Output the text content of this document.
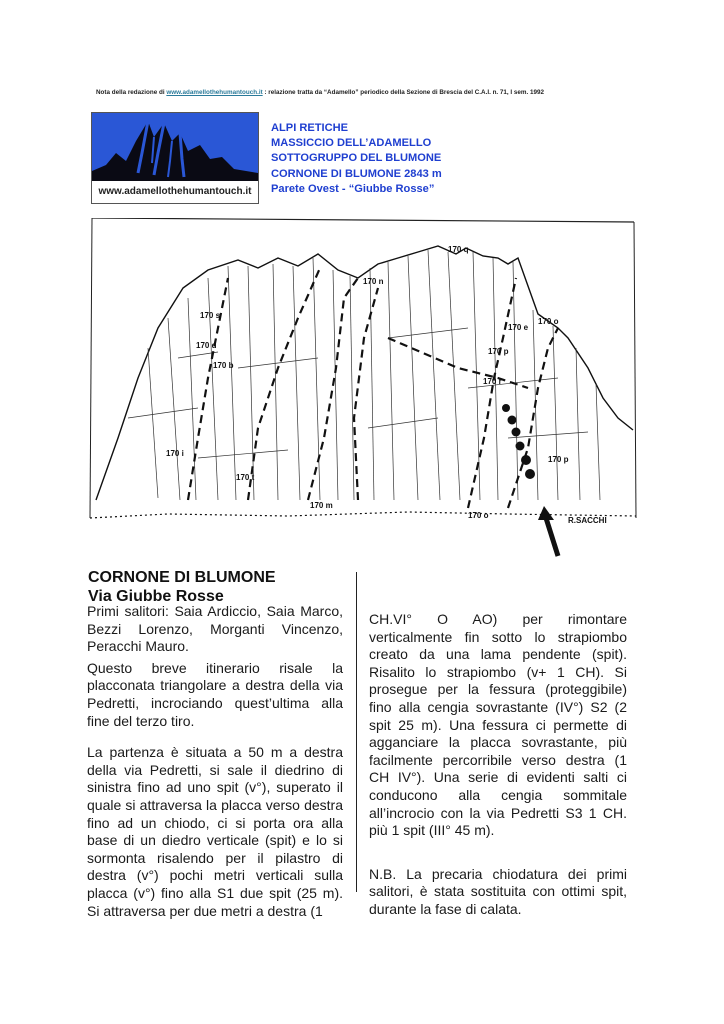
Nota della redazione di www.adamellothehumantouch.it : relazione tratta da “Adamello” periodico della Sezione di Brescia del C.A.I. n. 71, I sem. 1992
www.adamellothehumantouch.it
ALPI RETICHE
MASSICCIO DELL’ADAMELLO
SOTTOGRUPPO DEL BLUMONE
CORNONE DI BLUMONE 2843 m
Parete Ovest - “Giubbe Rosse”
170 q
170 n
170 s
170 e
170 o
170 p
170 r
170 d
170 b
170 i
170 m
170 o
170 t
170 p
R.SACCHI
CORNONE DI BLUMONE
Via Giubbe Rosse

Primi salitori: Saia Ardiccio, Saia Marco, Bezzi Lorenzo, Morganti Vincenzo, Peracchi Mauro.

Questo breve itinerario risale la placconata triangolare a destra della via Pedretti, incrociando quest’ultima alla fine del terzo tiro.

La partenza è situata a 50 m a destra della via Pedretti, si sale il diedrino di sinistra fino ad uno spit (v°), superato il quale si attraversa la placca verso destra fino ad un chiodo, ci si porta ora alla base di un diedro verticale (spit) e lo si sormonta risalendo per il pilastro di destra (v°) pochi metri verticali sulla placca (v°) fino alla S1 due spit (25 m). Si attraversa per due metri a destra (1

CH.VI° O AO) per rimontare verticalmente fin sotto lo strapiombo creato da una lama pendente (spit). Risalito lo strapiombo (v+ 1 CH). Si prosegue per la fessura (proteggibile) fino alla cengia sovrastante (IV°) S2 (2 spit 25 m). Una fessura ci permette di agganciare la placca sovrastante, più facilmente percorribile verso destra (1 CH IV°). Una serie di evidenti salti ci conducono alla cengia sommitale all’incrocio con la via Pedretti S3 1 CH. più 1 spit (III° 45 m).

N.B. La precaria chiodatura dei primi salitori, è stata sostituita con ottimi spit, durante la fase di calata.
